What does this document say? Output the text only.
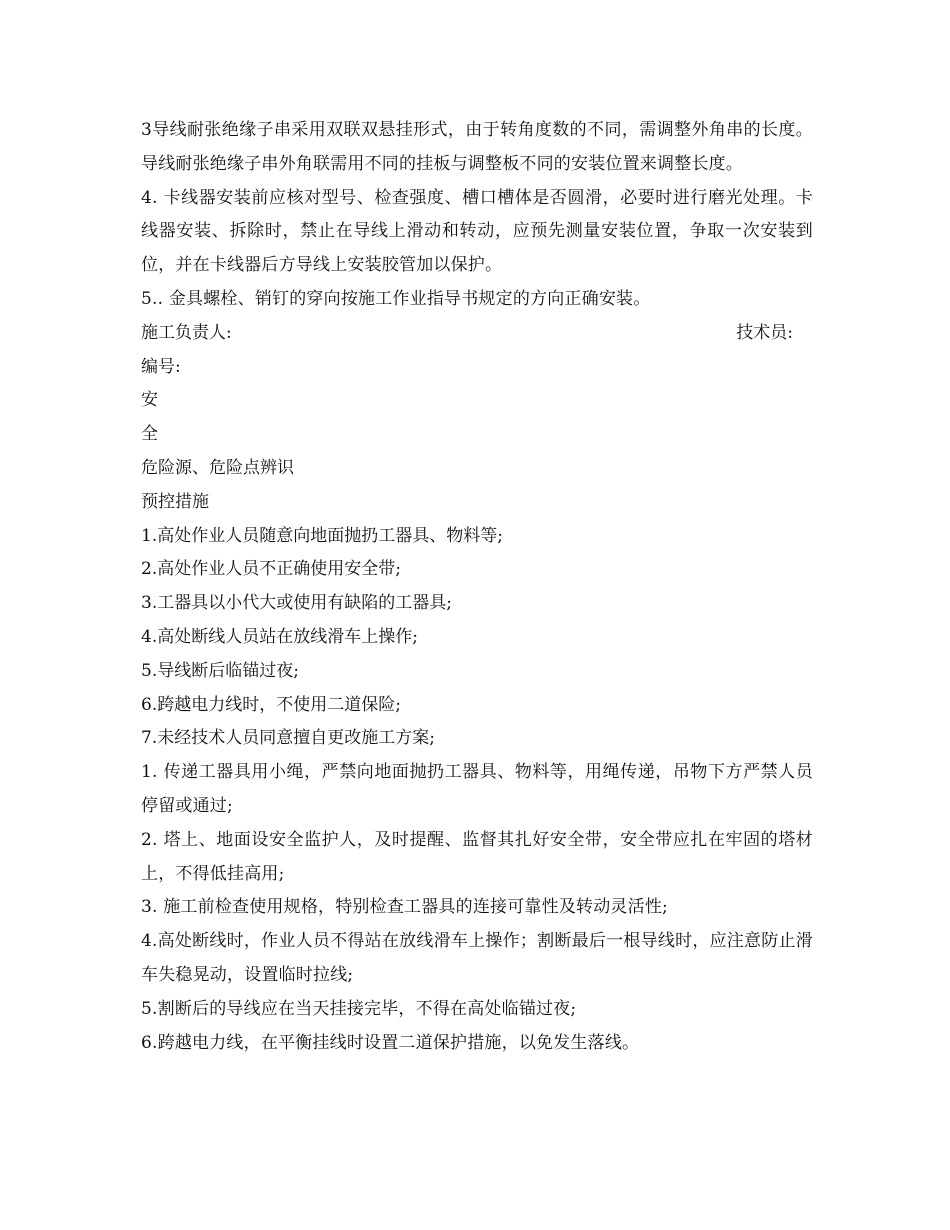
3导线耐张绝缘子串采用双联双悬挂形式，由于转角度数的不同，需调整外角串的长度。导线耐张绝缘子串外角联需用不同的挂板与调整板不同的安装位置来调整长度。

4. 卡线器安装前应核对型号、检查强度、槽口槽体是否圆滑，必要时进行磨光处理。卡线器安装、拆除时，禁止在导线上滑动和转动，应预先测量安装位置，争取一次安装到位，并在卡线器后方导线上安装胶管加以保护。

5.. 金具螺栓、销钉的穿向按施工作业指导书规定的方向正确安装。

施工负责人:	技术员:

编号:

安

全

危险源、危险点辨识

预控措施

1.高处作业人员随意向地面抛扔工器具、物料等;

2.高处作业人员不正确使用安全带;

3.工器具以小代大或使用有缺陷的工器具;

4.高处断线人员站在放线滑车上操作;

5.导线断后临锚过夜;

6.跨越电力线时，不使用二道保险;

7.未经技术人员同意擅自更改施工方案;

1. 传递工器具用小绳，严禁向地面抛扔工器具、物料等，用绳传递，吊物下方严禁人员停留或通过;

2. 塔上、地面设安全监护人，及时提醒、监督其扎好安全带，安全带应扎在牢固的塔材上，不得低挂高用;

3. 施工前检查使用规格，特别检查工器具的连接可靠性及转动灵活性;

4.高处断线时，作业人员不得站在放线滑车上操作；割断最后一根导线时，应注意防止滑车失稳晃动，设置临时拉线;

5.割断后的导线应在当天挂接完毕，不得在高处临锚过夜;

6.跨越电力线，在平衡挂线时设置二道保护措施，以免发生落线。
